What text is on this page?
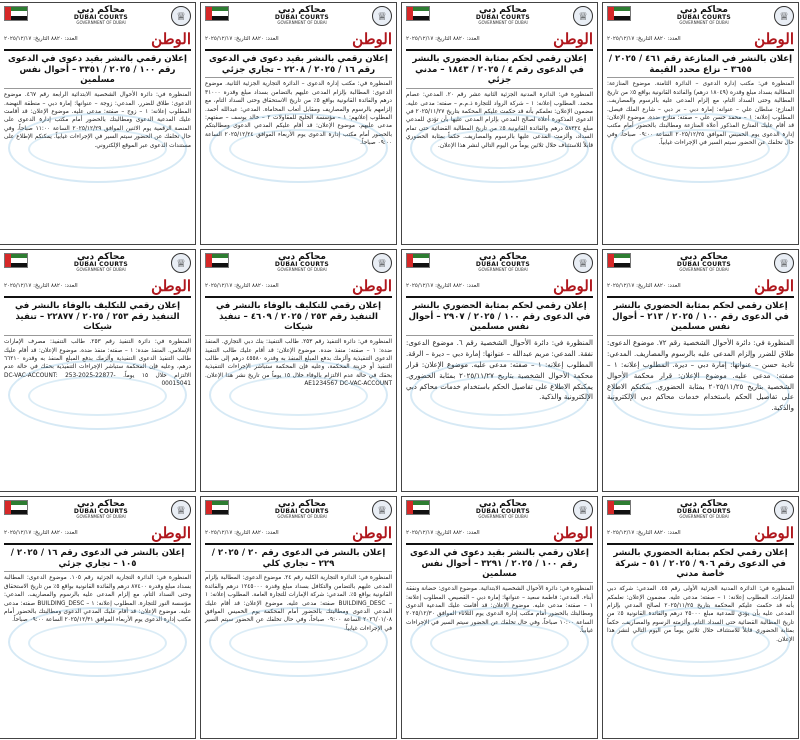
محاكم دبي
DUBAI COURTS
GOVERNMENT OF DUBAI	♕
الوطن
العدد: ٨٨٢٠ التاريخ: ٢٠٢٥/١٢/١٧
إعلان بالنشر في المنازعة رقم ٤٦١ / ٢٠٢٥ / ٣٦٥٥ – نزاع محدد القيمة
المنظورة في: مكتب إدارة الدعوى – الدائرة الثامنة. موضوع المنازعة: المطالبة بسداد مبلغ وقدره (١٨٠٤٩ درهم) والفائدة القانونية بواقع ٥٪ من تاريخ المطالبة وحتى السداد التام، مع إلزام المدعى عليه بالرسوم والمصاريف. المنازع: سلطان علي – عنوانه: إمارة دبي – بر دبي – شارع الملك فيصل. المطلوب إعلانه: ١ – محمد حسن علي – صفته: منازع ضده. موضوع الإعلان: قد أقام عليك المنازع المذكور أعلاه المنازعة ومطالبتك بالحضور أمام مكتب إدارة الدعوى يوم الخميس الموافق ٢٠٢٥/١٢/٢٥ الساعة ٠٩:٠٠ صباحاً، وفي حال تخلفك عن الحضور سيتم السير في الإجراءات غيابياً.
محاكم دبي
DUBAI COURTS
GOVERNMENT OF DUBAI	♕
الوطن
العدد: ٨٨٢٠ التاريخ: ٢٠٢٥/١٢/١٧
إعلان رقمي لحكم بمثابة الحضوري بالنشر في الدعوى رقم ٤ / ٢٠٢٥ / ١٨٤٣ – مدني جزئي
المنظورة في: الدائرة المدنية الجزئية الثانية عشر رقم ٢٠. المدعي: عصام محمد. المطلوب إعلانه: ١ – شركة الرواد للتجارة ذ.م.م – صفته: مدعى عليه. مضمون الإعلان: نعلمكم بأنه قد حكمت عليكم المحكمة بتاريخ ٢٠٢٥/١١/٢٧ في الدعوى المذكورة أعلاه لصالح المدعي بإلزام المدعى عليها بأن تؤدي للمدعي مبلغ ٥٨٣٢٤ درهم والفائدة القانونية ٥٪ من تاريخ المطالبة القضائية حتى تمام السداد، وألزمت المدعى عليها بالرسوم والمصاريف. حكماً بمثابة الحضوري قابلاً للاستئناف خلال ثلاثين يوماً من اليوم التالي لنشر هذا الإعلان.
محاكم دبي
DUBAI COURTS
GOVERNMENT OF DUBAI	♕
الوطن
العدد: ٨٨٢٠ التاريخ: ٢٠٢٥/١٢/١٧
إعلان رقمي بالنشر بقيد دعوى في الدعوى رقم ١٦ / ٢٠٢٥ / ٢٢٠٨ – تجاري جزئي
المنظورة في: مكتب إدارة الدعوى – الدائرة التجارية الجزئية الثانية. موضوع الدعوى: المطالبة بإلزام المدعى عليهم بالتضامن بسداد مبلغ وقدره ٣١٠٠٠ درهم والفائدة القانونية بواقع ٥٪ من تاريخ الاستحقاق وحتى السداد التام، مع إلزامهم بالرسوم والمصاريف ومقابل أتعاب المحاماة. المدعي: عبدالله أحمد. المطلوب إعلانهم: ١ – مؤسسة الخليج للمقاولات ٢ – خالد يوسف – صفتهم: مدعى عليهم. موضوع الإعلان: قد أقام عليكم المدعي الدعوى ومطالبتكم بالحضور أمام مكتب إدارة الدعوى يوم الأربعاء الموافق ٢٠٢٥/١٢/٢٤ الساعة ٠٩:٠٠ صباحاً.
محاكم دبي
DUBAI COURTS
GOVERNMENT OF DUBAI	♕
الوطن
العدد: ٨٨٢٠ التاريخ: ٢٠٢٥/١٢/١٧
إعلان رقمي بالنشر بقيد دعوى في الدعوى رقم ١٠٠ / ٢٠٢٥ / ٣٣٥١ – أحوال نفس مسلمين
المنظورة في: دائرة الأحوال الشخصية الابتدائية الرابعة رقم ٤٦٧. موضوع الدعوى: طلاق للضرر. المدعي: زوجة – عنوانها: إمارة دبي – منطقة النهضة. المطلوب إعلانه: ١ – زوج – صفته: مدعى عليه. موضوع الإعلان: قد أقامت عليك المدعية الدعوى ومطالبتك بالحضور أمام مكتب إدارة الدعوى على المنصة الرقمية يوم الاثنين الموافق ٢٠٢٥/١٢/٢٩ الساعة ١١:٠٠ صباحاً، وفي حال تخلفك عن الحضور سيتم السير في الإجراءات غيابياً. يمكنكم الإطلاع على مستندات الدعوى عبر الموقع الإلكتروني.
محاكم دبي
DUBAI COURTS
GOVERNMENT OF DUBAI	♕
الوطن
العدد: ٨٨٢٠ التاريخ: ٢٠٢٥/١٢/١٧
إعلان رقمي لحكم بمثابة الحضوري بالنشر في الدعوى رقم ١٠٠ / ٢٠٢٥ / ٢١٣ – أحوال نفس مسلمين
المنظورة في: دائرة الأحوال الشخصية رقم ٧٢. موضوع الدعوى: طلاق للضرر وإلزام المدعى عليه بالرسوم والمصاريف. المدعي: نادية حسن – عنوانها: إمارة دبي – ديرة. المطلوب إعلانه: ١ – صفته: مدعى عليه. موضوع الإعلان: قرار محكمة الأحوال الشخصية بتاريخ ٢٠٢٥/١١/٢٥ بمثابة الحضوري. يمكنكم الاطلاع على تفاصيل الحكم باستخدام خدمات محاكم دبي الإلكترونية والذكية.
محاكم دبي
DUBAI COURTS
GOVERNMENT OF DUBAI	♕
الوطن
العدد: ٨٨٢٠ التاريخ: ٢٠٢٥/١٢/١٧
إعلان رقمي لحكم بمثابة الحضوري بالنشر في الدعوى رقم ١٠٠ / ٢٠٢٥ / ٢٩٠٧ – أحوال نفس مسلمين
المنظورة في: دائرة الأحوال الشخصية رقم ٦. موضوع الدعوى: نفقة. المدعي: مريم عبدالله – عنوانها: إمارة دبي – ديرة – الرقة. المطلوب إعلانه: ١ – صفته: مدعى عليه. موضوع الإعلان: قرار محكمة الأحوال الشخصية بتاريخ ٢٠٢٥/١١/٢٧ بمثابة الحضوري. يمكنكم الاطلاع على تفاصيل الحكم باستخدام خدمات محاكم دبي الإلكترونية والذكية.
محاكم دبي
DUBAI COURTS
GOVERNMENT OF DUBAI	♕
الوطن
العدد: ٨٨٢٠ التاريخ: ٢٠٢٥/١٢/١٧
إعلان رقمي للتكليف بالوفاء بالنشر في التنفيذ رقم ٢٥٣ / ٢٠٢٥ / ٤٦٠٩ – تنفيذ شيكات
المنظورة في: دائرة التنفيذ رقم ٢٥٣. طالب التنفيذ: بنك دبي التجاري. المنفذ ضده: ١ – صفته: منفذ ضده. موضوع الإعلان: قد أقام عليك طالب التنفيذ الدعوى التنفيذية وألزمك بدفع المبلغ المنفذ به وقدره ٤٥٥٨٠ درهم إلى طالب التنفيذ أو خزينة المحكمة، وعليه فإن المحكمة ستباشر الإجراءات التنفيذية بحقك في حالة عدم الالتزام بالوفاء خلال ١٥ يوماً من تاريخ نشر هذا الإعلان. AE1234567 DC-VAC-ACCOUNT
محاكم دبي
DUBAI COURTS
GOVERNMENT OF DUBAI	♕
الوطن
العدد: ٨٨٢٠ التاريخ: ٢٠٢٥/١٢/١٧
إعلان رقمي للتكليف بالوفاء بالنشر في التنفيذ رقم ٢٥٣ / ٢٠٢٥ / ٢٢٨٧٧ – تنفيذ شيكات
المنظورة في: دائرة التنفيذ رقم ٢٥٣. طالب التنفيذ: مصرف الإمارات الإسلامي. المنفذ ضده: ١ – صفته: منفذ ضده. موضوع الإعلان: قد أقام عليك طالب التنفيذ الدعوى التنفيذية وألزمك بدفع المبلغ المنفذ به وقدره ٦٦٢١٠ درهم، وعليه فإن المحكمة ستباشر الإجراءات التنفيذية بحقك في حالة عدم الالتزام خلال ١٥ يوماً. DC-VAC-ACCOUNT: 253-2025-22877-00015041
محاكم دبي
DUBAI COURTS
GOVERNMENT OF DUBAI	♕
الوطن
العدد: ٨٨٢٠ التاريخ: ٢٠٢٥/١٢/١٧
إعلان رقمي لحكم بمثابة الحضوري بالنشر في الدعوى رقم ٩٠٦ / ٢٠٢٥ / ٥١ – شركة خاصة مدني
المنظورة في: الدائرة المدنية الجزئية الأولى رقم ٤٥. المدعي: شركة دبي للعقارات. المطلوب إعلانه: ١ – صفته: مدعى عليه. مضمون الإعلان: نعلمكم بأنه قد حكمت عليكم المحكمة بتاريخ ٢٠٢٥/١١/٢٥ لصالح المدعي بإلزام المدعى عليه بأن يؤدي للمدعية مبلغ ٢٥٠٠٠ درهم والفائدة القانونية ٥٪ من تاريخ المطالبة القضائية حتى السداد التام، وألزمته الرسوم والمصاريف. حكماً بمثابة الحضوري قابلاً للاستئناف خلال ثلاثين يوماً من اليوم التالي لنشر هذا الإعلان.
محاكم دبي
DUBAI COURTS
GOVERNMENT OF DUBAI	♕
الوطن
العدد: ٨٨٢٠ التاريخ: ٢٠٢٥/١٢/١٧
إعلان رقمي بالنشر بقيد دعوى في الدعوى رقم ١٠٠ / ٢٠٢٥ / ٣٢٩١ – أحوال نفس مسلمين
المنظورة في: دائرة الأحوال الشخصية الابتدائية. موضوع الدعوى: حضانة ونفقة أبناء. المدعي: فاطمة سعيد – عنوانها: إمارة دبي – القصيص. المطلوب إعلانه: ١ – صفته: مدعى عليه. موضوع الإعلان: قد أقامت عليك المدعية الدعوى ومطالبتك بالحضور أمام مكتب إدارة الدعوى يوم الثلاثاء الموافق ٢٠٢٥/١٢/٣٠ الساعة ١٠:٠٠ صباحاً، وفي حال تخلفك عن الحضور سيتم السير في الإجراءات غيابياً.
محاكم دبي
DUBAI COURTS
GOVERNMENT OF DUBAI	♕
الوطن
العدد: ٨٨٢٠ التاريخ: ٢٠٢٥/١٢/١٧
إعلان بالنشر في الدعوى رقم ٢٠ / ٢٠٢٥ / ٢٢٩ – تجاري كلي
المنظورة في: الدائرة التجارية الكلية رقم ٢٤. موضوع الدعوى: المطالبة بإلزام المدعى عليهم بالتضامن والتكافل بسداد مبلغ وقدره ١٢٤٥٠٠٠ درهم والفائدة القانونية بواقع ٥٪. المدعي: شركة الإمارات للتجارة العامة. المطلوب إعلانه: ١ – BUILDING_DESC صفته: مدعى عليه. موضوع الإعلان: قد أقام عليك المدعي الدعوى ومطالبتك بالحضور أمام المحكمة يوم الخميس الموافق ٢٠٢٦/٠١/٠٨ الساعة ٠٩:٠٠ صباحاً، وفي حال تخلفك عن الحضور سيتم السير في الإجراءات غيابياً.
محاكم دبي
DUBAI COURTS
GOVERNMENT OF DUBAI	♕
الوطن
العدد: ٨٨٢٠ التاريخ: ٢٠٢٥/١٢/١٧
إعلان بالنشر في الدعوى رقم ١٦ / ٢٠٢٥ / ١٠٥ – تجاري جزئي
المنظورة في: الدائرة التجارية الجزئية رقم ١٠٥. موضوع الدعوى: المطالبة بسداد مبلغ وقدره ٨٧٤٠٠ درهم والفائدة القانونية بواقع ٥٪ من تاريخ الاستحقاق وحتى السداد التام، مع إلزام المدعى عليه بالرسوم والمصاريف. المدعي: مؤسسة النور للتجارة. المطلوب إعلانه: ١ – BUILDING_DESC صفته: مدعى عليه. موضوع الإعلان: قد أقام عليك المدعي الدعوى ومطالبتك بالحضور أمام مكتب إدارة الدعوى يوم الأربعاء الموافق ٢٠٢٥/١٢/٣١ الساعة ٠٩:٠٠ صباحاً.
